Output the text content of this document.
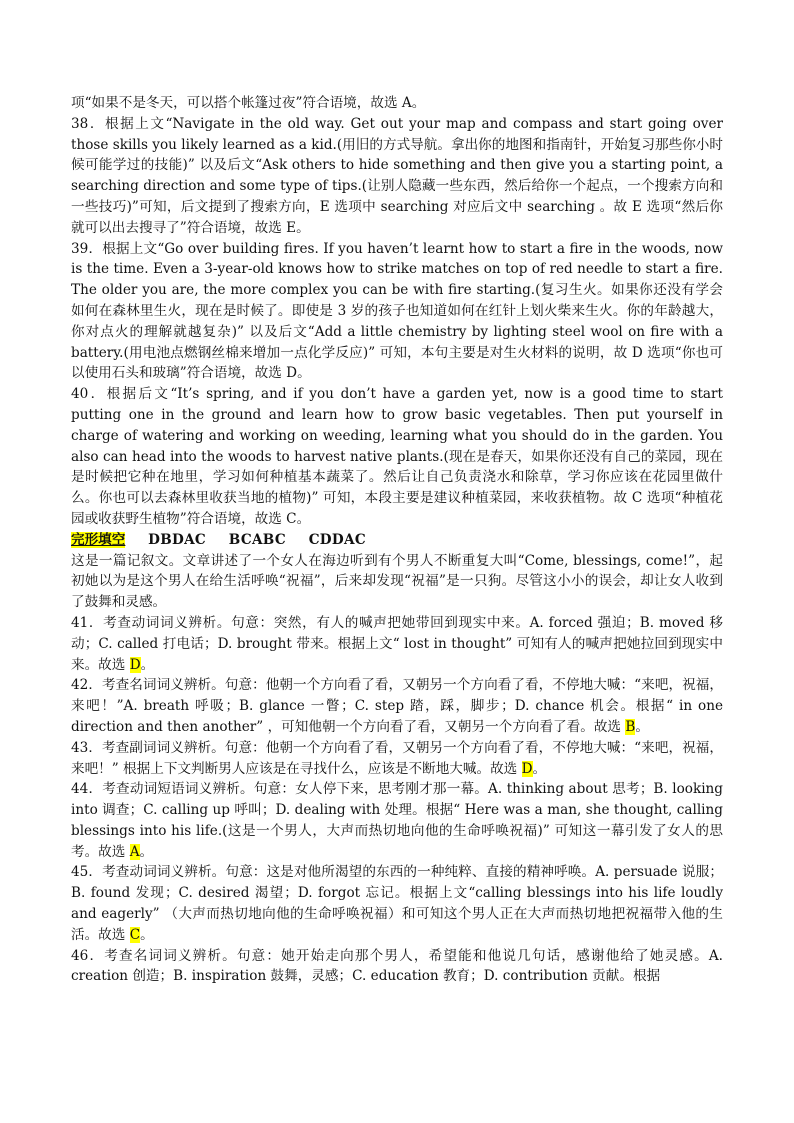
项“如果不是冬天，可以搭个帐篷过夜”符合语境，故选 A。

38．根据上文“Navigate in the old way. Get out your map and compass and start going over those skills you likely learned as a kid.(用旧的方式导航。拿出你的地图和指南针，开始复习那些你小时候可能学过的技能)” 以及后文“Ask others to hide something and then give you a starting point, a searching direction and some type of tips.(让别人隐藏一些东西，然后给你一个起点，一个搜索方向和一些技巧)”可知，后文提到了搜索方向，E 选项中 searching 对应后文中 searching 。故 E 选项“然后你就可以出去搜寻了”符合语境，故选 E。

39．根据上文“Go over building fires. If you haven’t learnt how to start a fire in the woods, now is the time. Even a 3-year-old knows how to strike matches on top of red needle to start a fire. The older you are, the more complex you can be with fire starting.(复习生火。如果你还没有学会如何在森林里生火，现在是时候了。即使是 3 岁的孩子也知道如何在红针上划火柴来生火。你的年龄越大，你对点火的理解就越复杂)” 以及后文“Add a little chemistry by lighting steel wool on fire with a battery.(用电池点燃钢丝棉来增加一点化学反应)” 可知，本句主要是对生火材料的说明，故 D 选项“你也可以使用石头和玻璃”符合语境，故选 D。

40．根据后文“It’s spring, and if you don’t have a garden yet, now is a good time to start putting one in the ground and learn how to grow basic vegetables. Then put yourself in charge of watering and working on weeding, learning what you should do in the garden. You also can head into the woods to harvest native plants.(现在是春天，如果你还没有自己的菜园，现在是时候把它种在地里，学习如何种植基本蔬菜了。然后让自己负责浇水和除草，学习你应该在花园里做什么。你也可以去森林里收获当地的植物)” 可知，本段主要是建议种植菜园，来收获植物。故 C 选项“种植花园或收获野生植物”符合语境，故选 C。

完形填空 DBDAC BCABC CDDAC

这是一篇记叙文。文章讲述了一个女人在海边听到有个男人不断重复大叫“Come, blessings, come!”，起初她以为是这个男人在给生活呼唤“祝福”，后来却发现“祝福”是一只狗。尽管这小小的误会，却让女人收到了鼓舞和灵感。

41．考查动词词义辨析。句意：突然，有人的喊声把她带回到现实中来。A. forced 强迫；B. moved 移动；C. called 打电话；D. brought 带来。根据上文“ lost in thought” 可知有人的喊声把她拉回到现实中来。故选 D。

42．考查名词词义辨析。句意：他朝一个方向看了看，又朝另一个方向看了看，不停地大喊：“来吧，祝福，来吧！”A. breath 呼吸；B. glance 一瞥；C. step 踏，踩，脚步；D. chance 机会。根据“ in one direction and then another” ，可知他朝一个方向看了看，又朝另一个方向看了看。故选 B。

43．考查副词词义辨析。句意：他朝一个方向看了看，又朝另一个方向看了看，不停地大喊：“来吧，祝福，来吧！” 根据上下文判断男人应该是在寻找什么，应该是不断地大喊。故选 D。

44．考查动词短语词义辨析。句意：女人停下来，思考刚才那一幕。A. thinking about 思考；B. looking into 调查；C. calling up 呼叫；D. dealing with 处理。根据“ Here was a man, she thought, calling blessings into his life.(这是一个男人，大声而热切地向他的生命呼唤祝福)” 可知这一幕引发了女人的思考。故选 A。

45．考查动词词义辨析。句意：这是对他所渴望的东西的一种纯粹、直接的精神呼唤。A. persuade 说服；B. found 发现；C. desired 渴望；D. forgot 忘记。根据上文“calling blessings into his life loudly and eagerly” （大声而热切地向他的生命呼唤祝福）和可知这个男人正在大声而热切地把祝福带入他的生活。故选 C。

46．考查名词词义辨析。句意：她开始走向那个男人，希望能和他说几句话，感谢他给了她灵感。A. creation 创造；B. inspiration 鼓舞，灵感；C. education 教育；D. contribution 贡献。根据
